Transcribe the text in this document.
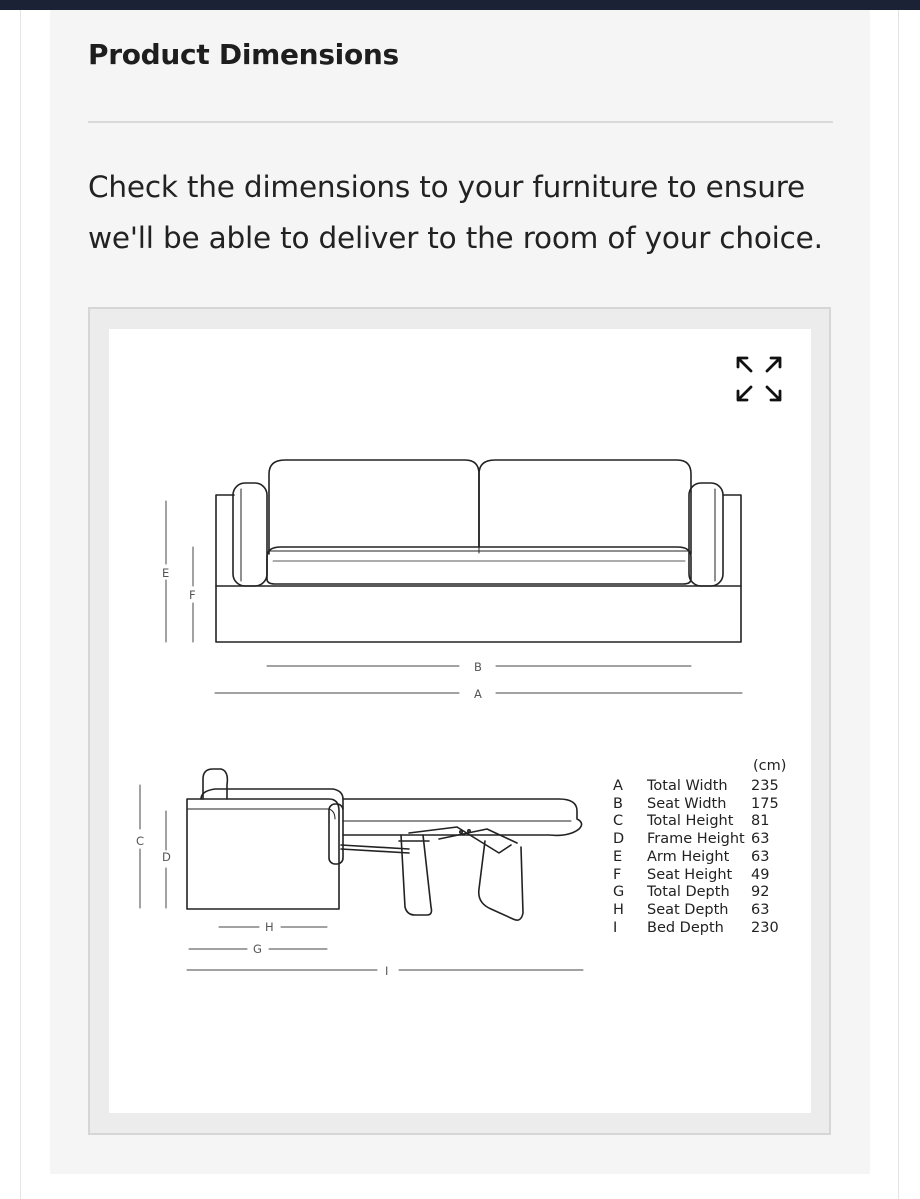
Product Dimensions

Check the dimensions to your furniture to ensure we'll be able to deliver to the room of your choice.

E
F
B
A
C
D
H
G
I
(cm)
A Total Width 235
B Seat Width 175
C Total Height 81
D Frame Height 63
E Arm Height 63
F Seat Height 49
G Total Depth 92
H Seat Depth 63
I Bed Depth 230
